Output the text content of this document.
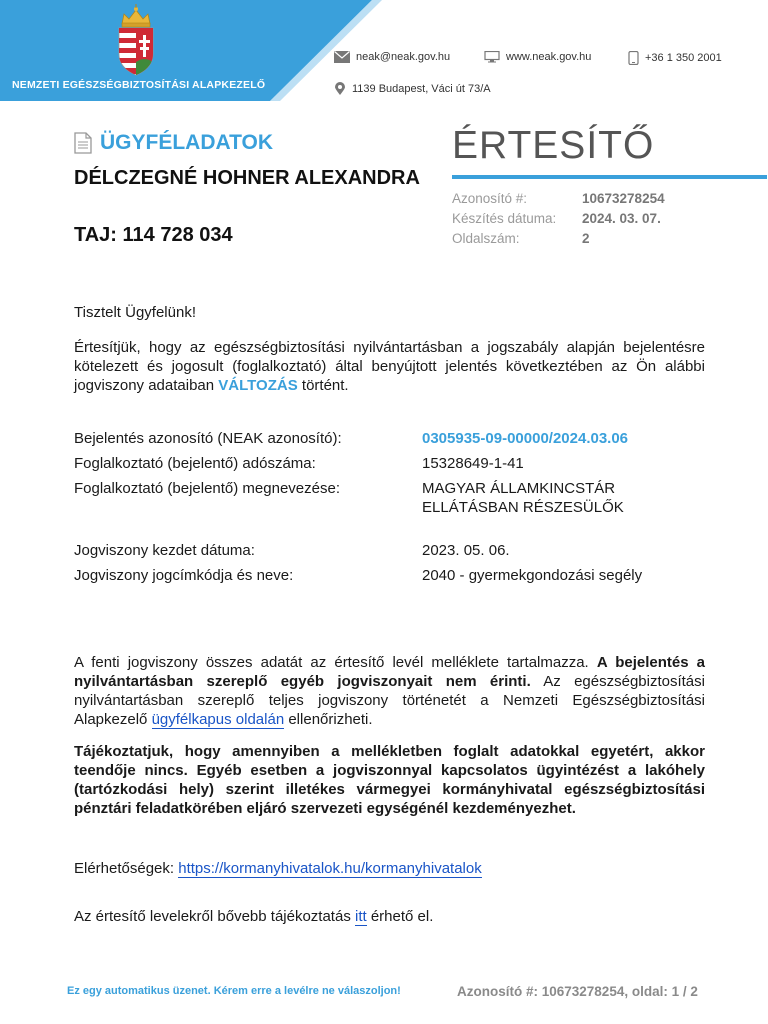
NEMZETI EGÉSZSÉGBIZTOSÍTÁSI ALAPKEZELŐ
neak@neak.gov.hu	www.neak.gov.hu	+36 1 350 2001
1139 Budapest, Váci út 73/A
ÜGYFÉLADATOK
DÉLCZEGNÉ HOHNER ALEXANDRA
TAJ: 114 728 034
ÉRTESÍTŐ
Azonosító #:	10673278254
Készítés dátuma: 2024. 03. 07.
Oldalszám:	2
Tisztelt Ügyfelünk!
Értesítjük, hogy az egészségbiztosítási nyilvántartásban a jogszabály alapján bejelentésre kötelezett és jogosult (foglalkoztató) által benyújtott jelentés következtében az Ön alábbi jogviszony adataiban VÁLTOZÁS történt.
Bejelentés azonosító (NEAK azonosító):	0305935-09-00000/2024.03.06
Foglalkoztató (bejelentő) adószáma:	15328649-1-41
Foglalkoztató (bejelentő) megnevezése:	MAGYAR ÁLLAMKINCSTÁR
ELLÁTÁSBAN RÉSZESÜLŐK
Jogviszony kezdet dátuma:	2023. 05. 06.
Jogviszony jogcímkódja és neve:	2040 - gyermekgondozási segély
A fenti jogviszony összes adatát az értesítő levél melléklete tartalmazza. A bejelentés a nyilvántartásban szereplő egyéb jogviszonyait nem érinti. Az egészségbiztosítási nyilvántartásban szereplő teljes jogviszony történetét a Nemzeti Egészségbiztosítási Alapkezelő ügyfélkapus oldalán ellenőrizheti.
Tájékoztatjuk, hogy amennyiben a mellékletben foglalt adatokkal egyetért, akkor teendője nincs. Egyéb esetben a jogviszonnyal kapcsolatos ügyintézést a lakóhely (tartózkodási hely) szerint illetékes vármegyei kormányhivatal egészségbiztosítási pénztári feladatkörében eljáró szervezeti egységénél kezdeményezhet.
Elérhetőségek: https://kormanyhivatalok.hu/kormanyhivatalok
Az értesítő levelekről bővebb tájékoztatás itt érhető el.
Ez egy automatikus üzenet. Kérem erre a levélre ne válaszoljon!	Azonosító #: 10673278254, oldal: 1 / 2
